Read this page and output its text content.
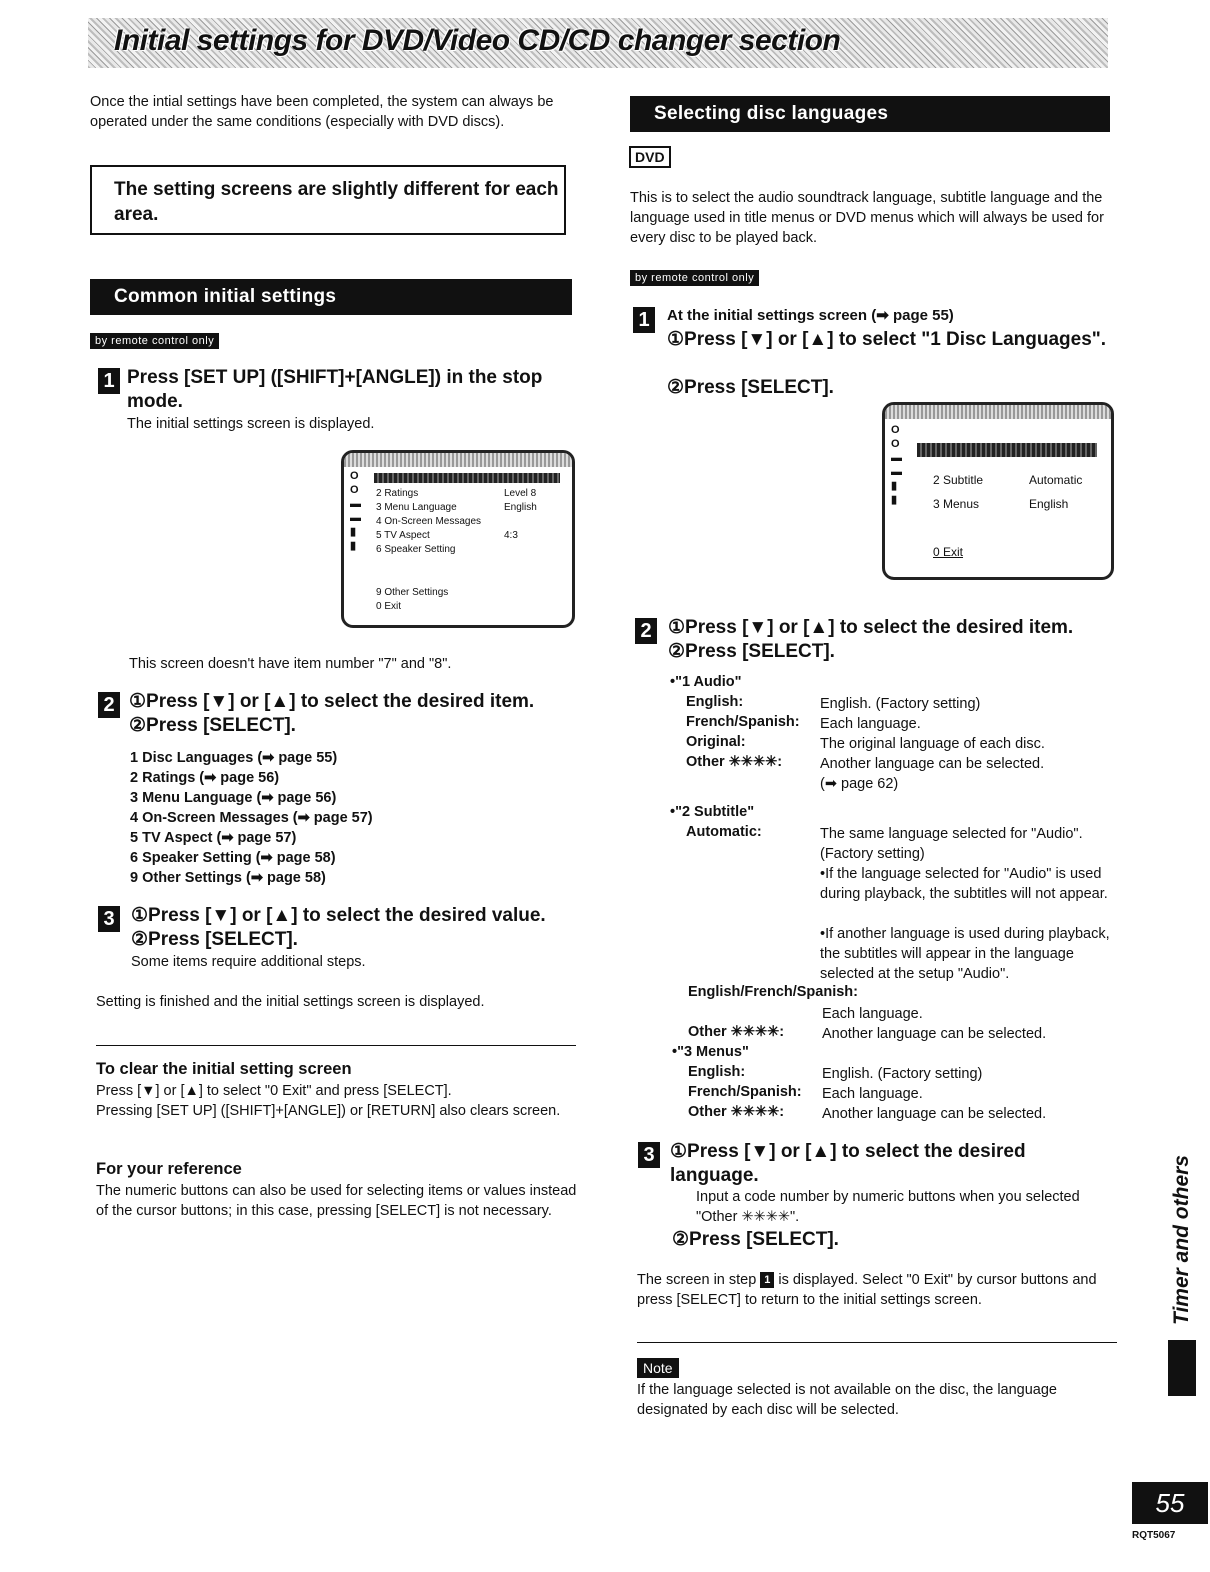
Initial settings for DVD/Video CD/CD changer section
Once the intial settings have been completed, the system can always be operated under the same conditions (especially with DVD discs).
The setting screens are slightly different for each area.
Common initial settings
by remote control only
1 Press [SET UP] ([SHIFT]+[ANGLE]) in the stop mode.
The initial settings screen is displayed.
O
O
▬
▬
▮
▮
2 Ratings	Level 8
3 Menu Language	English
4 On-Screen Messages
5 TV Aspect	4:3
6 Speaker Setting
9 Other Settings
0 Exit
This screen doesn't have item number "7" and "8".
2 ①Press [▼] or [▲] to select the desired item.
②Press [SELECT].
1 Disc Languages (➡ page 55)
2 Ratings (➡ page 56)
3 Menu Language (➡ page 56)
4 On-Screen Messages (➡ page 57)
5 TV Aspect (➡ page 57)
6 Speaker Setting (➡ page 58)
9 Other Settings (➡ page 58)
3 ①Press [▼] or [▲] to select the desired value.
②Press [SELECT].
Some items require additional steps.
Setting is finished and the initial settings screen is displayed.
To clear the initial setting screen
Press [▼] or [▲] to select "0 Exit" and press [SELECT].
Pressing [SET UP] ([SHIFT]+[ANGLE]) or [RETURN] also clears screen.
For your reference
The numeric buttons can also be used for selecting items or values instead of the cursor buttons; in this case, pressing [SELECT] is not necessary.
Selecting disc languages
DVD
This is to select the audio soundtrack language, subtitle language and the language used in title menus or DVD menus which will always be used for every disc to be played back.
by remote control only
1	At the initial settings screen (➡ page 55)
①Press [▼] or [▲] to select "1 Disc Languages".
②Press [SELECT].
O
O
▬
▬
▮
▮
2 Subtitle	Automatic
3 Menus	English
0 Exit
2 ①Press [▼] or [▲] to select the desired item.
②Press [SELECT].
•"1 Audio"
English:	English. (Factory setting)
French/Spanish: Each language.
Original:	The original language of each disc.
Other ✳✳✳✳:	Another language can be selected.
(➡ page 62)
•"2 Subtitle"
Automatic:	The same language selected for "Audio".
(Factory setting)
•If the language selected for "Audio" is used during playback, the subtitles will not appear.
•If another language is used during playback, the subtitles will appear in the language selected at the setup "Audio".
English/French/Spanish:
Each language.
Other ✳✳✳✳:	Another language can be selected.
•"3 Menus"
English:	English. (Factory setting)
French/Spanish: Each language.
Other ✳✳✳✳:	Another language can be selected.
3 ①Press [▼] or [▲] to select the desired language.
Input a code number by numeric buttons when you selected "Other ✳✳✳✳".
②Press [SELECT].
The screen in step 1 is displayed. Select "0 Exit" by cursor buttons and press [SELECT] to return to the initial settings screen.
Note
If the language selected is not available on the disc, the language designated by each disc will be selected.
Timer and others
55
RQT5067
